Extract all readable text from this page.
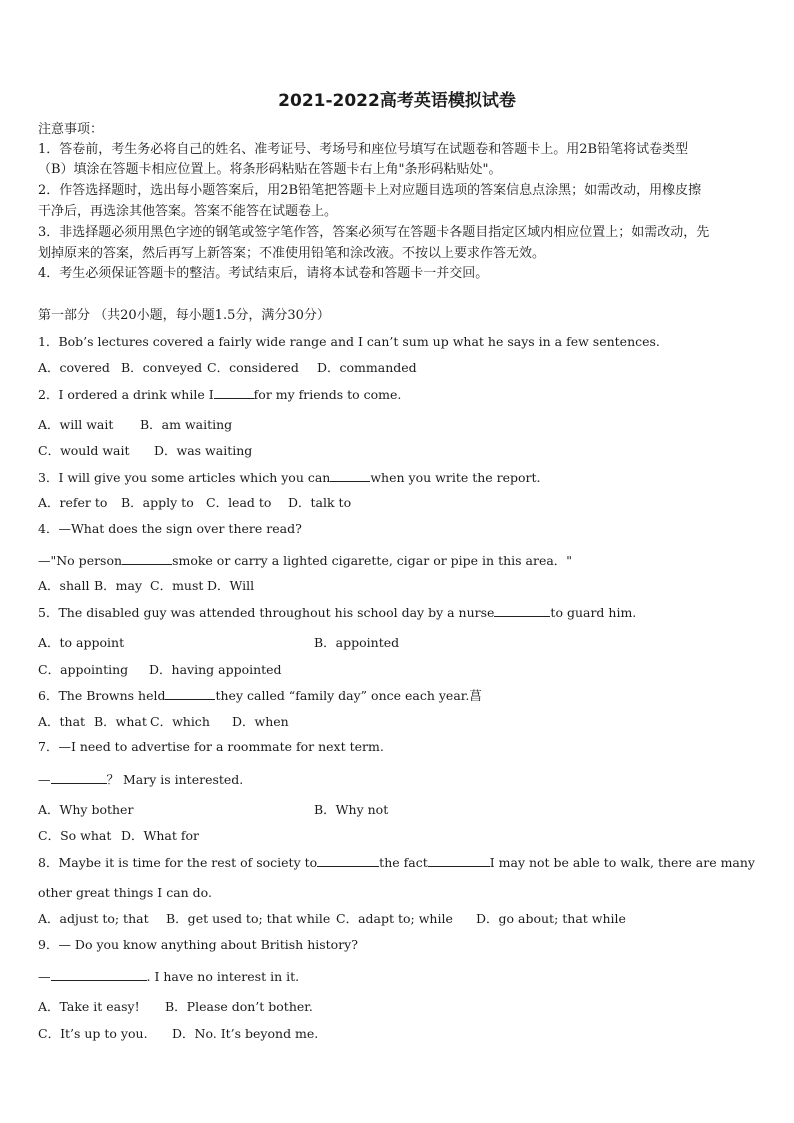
2021-2022高考英语模拟试卷
注意事项：
1．答卷前，考生务必将自己的姓名、准考证号、考场号和座位号填写在试题卷和答题卡上。用2B铅笔将试卷类型
（B）填涂在答题卡相应位置上。将条形码粘贴在答题卡右上角"条形码粘贴处"。
2．作答选择题时，选出每小题答案后，用2B铅笔把答题卡上对应题目选项的答案信息点涂黑；如需改动，用橡皮擦
干净后，再选涂其他答案。答案不能答在试题卷上。
3．非选择题必须用黑色字迹的钢笔或签字笔作答，答案必须写在答题卡各题目指定区域内相应位置上；如需改动，先
划掉原来的答案，然后再写上新答案；不准使用铅笔和涂改液。不按以上要求作答无效。
4．考生必须保证答题卡的整洁。考试结束后，请将本试卷和答题卡一并交回。
第一部分 （共20小题，每小题1.5分，满分30分）
1．Bob’s lectures covered a fairly wide range and I can’t sum up what he says in a few sentences.
A．covered B．conveyed C．considered D．commanded
2．I ordered a drink while I	for my friends to come.
A．will wait B．am waiting
C．would wait D．was waiting
3．I will give you some articles which you can	when you write the report.
A．refer to B．apply to C．lead to D．talk to
4．—What does the sign over there read?
—"No person	smoke or carry a lighted cigarette, cigar or pipe in this area．"
A．shall B．may C．must D．Will
5．The disabled guy was attended throughout his school day by a nurse	to guard him.
A．to appoint	B．appointed
C．appointing D．having appointed
6．The Browns held	they called “family day” once each year.菖
A．that B．what C．which D．when
7．—I need to advertise for a roommate for next term.
—	？ Mary is interested.
A．Why bother	B．Why not
C．So what D．What for
8．Maybe it is time for the rest of society to	the fact	I may not be able to walk, there are many
other great things I can do.
A．adjust to; that B．get used to; that while C．adapt to; while D．go about; that while
9．— Do you know anything about British history?
—	. I have no interest in it.
A．Take it easy! B．Please don’t bother.
C．It’s up to you. D．No. It’s beyond me.
